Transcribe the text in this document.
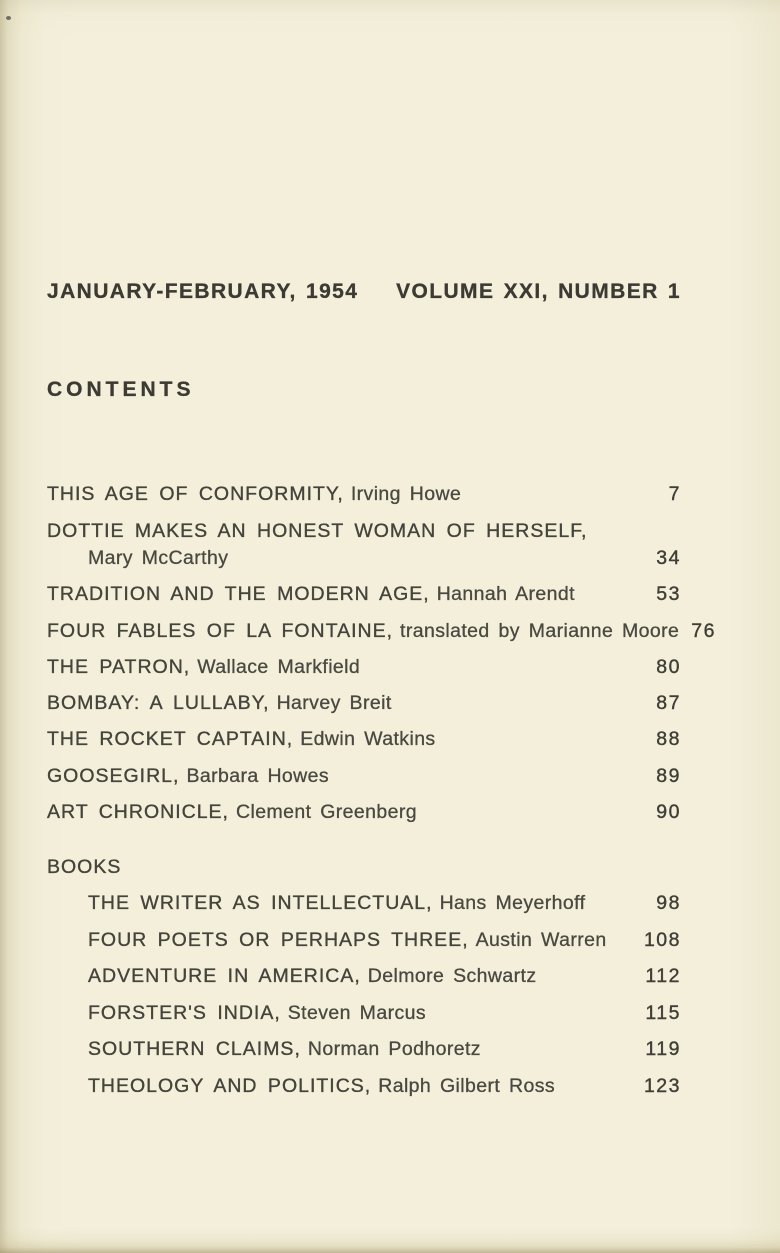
JANUARY-FEBRUARY, 1954 VOLUME XXI, NUMBER 1
CONTENTS
THIS AGE OF CONFORMITY, Irving Howe	7
DOTTIE MAKES AN HONEST WOMAN OF HERSELF,
Mary McCarthy	34
TRADITION AND THE MODERN AGE, Hannah Arendt	53
FOUR FABLES OF LA FONTAINE, translated by Marianne Moore 76
THE PATRON, Wallace Markfield	80
BOMBAY: A LULLABY, Harvey Breit	87
THE ROCKET CAPTAIN, Edwin Watkins	88
GOOSEGIRL, Barbara Howes	89
ART CHRONICLE, Clement Greenberg	90
BOOKS
THE WRITER AS INTELLECTUAL, Hans Meyerhoff	98
FOUR POETS OR PERHAPS THREE, Austin Warren 108
ADVENTURE IN AMERICA, Delmore Schwartz	112
FORSTER'S INDIA, Steven Marcus	115
SOUTHERN CLAIMS, Norman Podhoretz	119
THEOLOGY AND POLITICS, Ralph Gilbert Ross	123
